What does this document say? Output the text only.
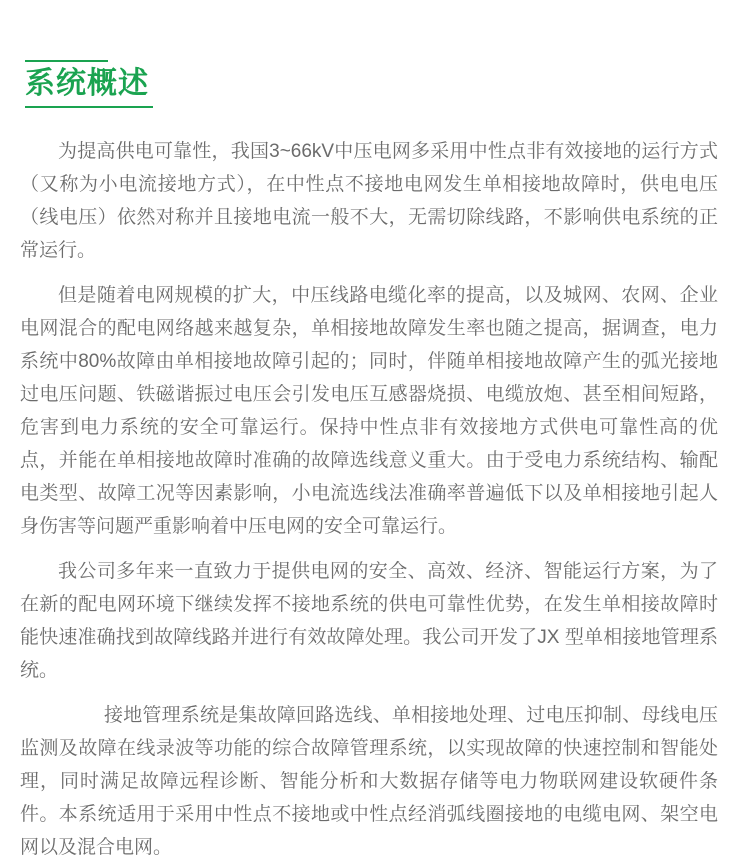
系统概述

为提高供电可靠性，我国3~66kV中压电网多采用中性点非有效接地的运行方式（又称为小电流接地方式），在中性点不接地电网发生单相接地故障时，供电电压（线电压）依然对称并且接地电流一般不大，无需切除线路，不影响供电系统的正常运行。

但是随着电网规模的扩大，中压线路电缆化率的提高，以及城网、农网、企业电网混合的配电网络越来越复杂，单相接地故障发生率也随之提高，据调查，电力系统中80%故障由单相接地故障引起的；同时，伴随单相接地故障产生的弧光接地过电压问题、铁磁谐振过电压会引发电压互感器烧损、电缆放炮、甚至相间短路，危害到电力系统的安全可靠运行。保持中性点非有效接地方式供电可靠性高的优点，并能在单相接地故障时准确的故障选线意义重大。由于受电力系统结构、输配电类型、故障工况等因素影响，小电流选线法准确率普遍低下以及单相接地引起人身伤害等问题严重影响着中压电网的安全可靠运行。

我公司多年来一直致力于提供电网的安全、高效、经济、智能运行方案，为了在新的配电网环境下继续发挥不接地系统的供电可靠性优势，在发生单相接故障时能快速准确找到故障线路并进行有效故障处理。我公司开发了JX 型单相接地管理系统。

接地管理系统是集故障回路选线、单相接地处理、过电压抑制、母线电压监测及故障在线录波等功能的综合故障管理系统，以实现故障的快速控制和智能处理，同时满足故障远程诊断、智能分析和大数据存储等电力物联网建设软硬件条件。本系统适用于采用中性点不接地或中性点经消弧线圈接地的电缆电网、架空电网以及混合电网。
